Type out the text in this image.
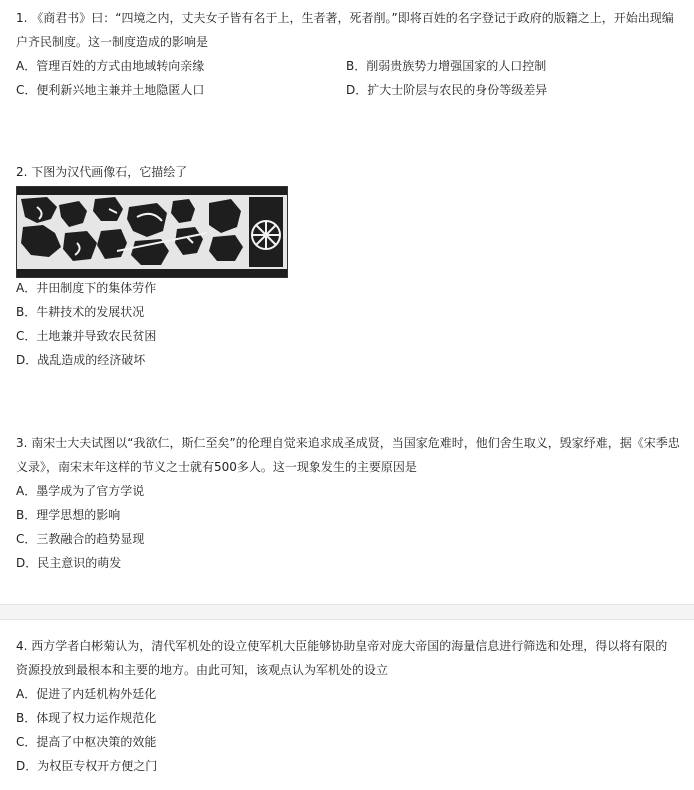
1. 《商君书》曰：“四境之内，丈夫女子皆有名于上，生者著，死者削。”即将百姓的名字登记于政府的版籍之上，开始出现编
户齐民制度。这一制度造成的影响是
A．管理百姓的方式由地域转向亲缘	B．削弱贵族势力增强国家的人口控制
C．便利新兴地主兼并土地隐匿人口	D．扩大士阶层与农民的身份等级差异
2. 下图为汉代画像石，它描绘了
A．井田制度下的集体劳作
B．牛耕技术的发展状况
C．土地兼并导致农民贫困
D．战乱造成的经济破坏
3. 南宋士大夫试图以“我欲仁，斯仁至矣”的伦理自觉来追求成圣成贤，当国家危难时，他们舍生取义，毁家纾难，据《宋季忠
义录》，南宋末年这样的节义之士就有500多人。这一现象发生的主要原因是
A．墨学成为了官方学说
B．理学思想的影响
C．三教融合的趋势显现
D．民主意识的萌发
4. 西方学者白彬菊认为，清代军机处的设立使军机大臣能够协助皇帝对庞大帝国的海量信息进行筛选和处理，得以将有限的
资源投放到最根本和主要的地方。由此可知，该观点认为军机处的设立
A．促进了内廷机构外廷化
B．体现了权力运作规范化
C．提高了中枢决策的效能
D．为权臣专权开方便之门
